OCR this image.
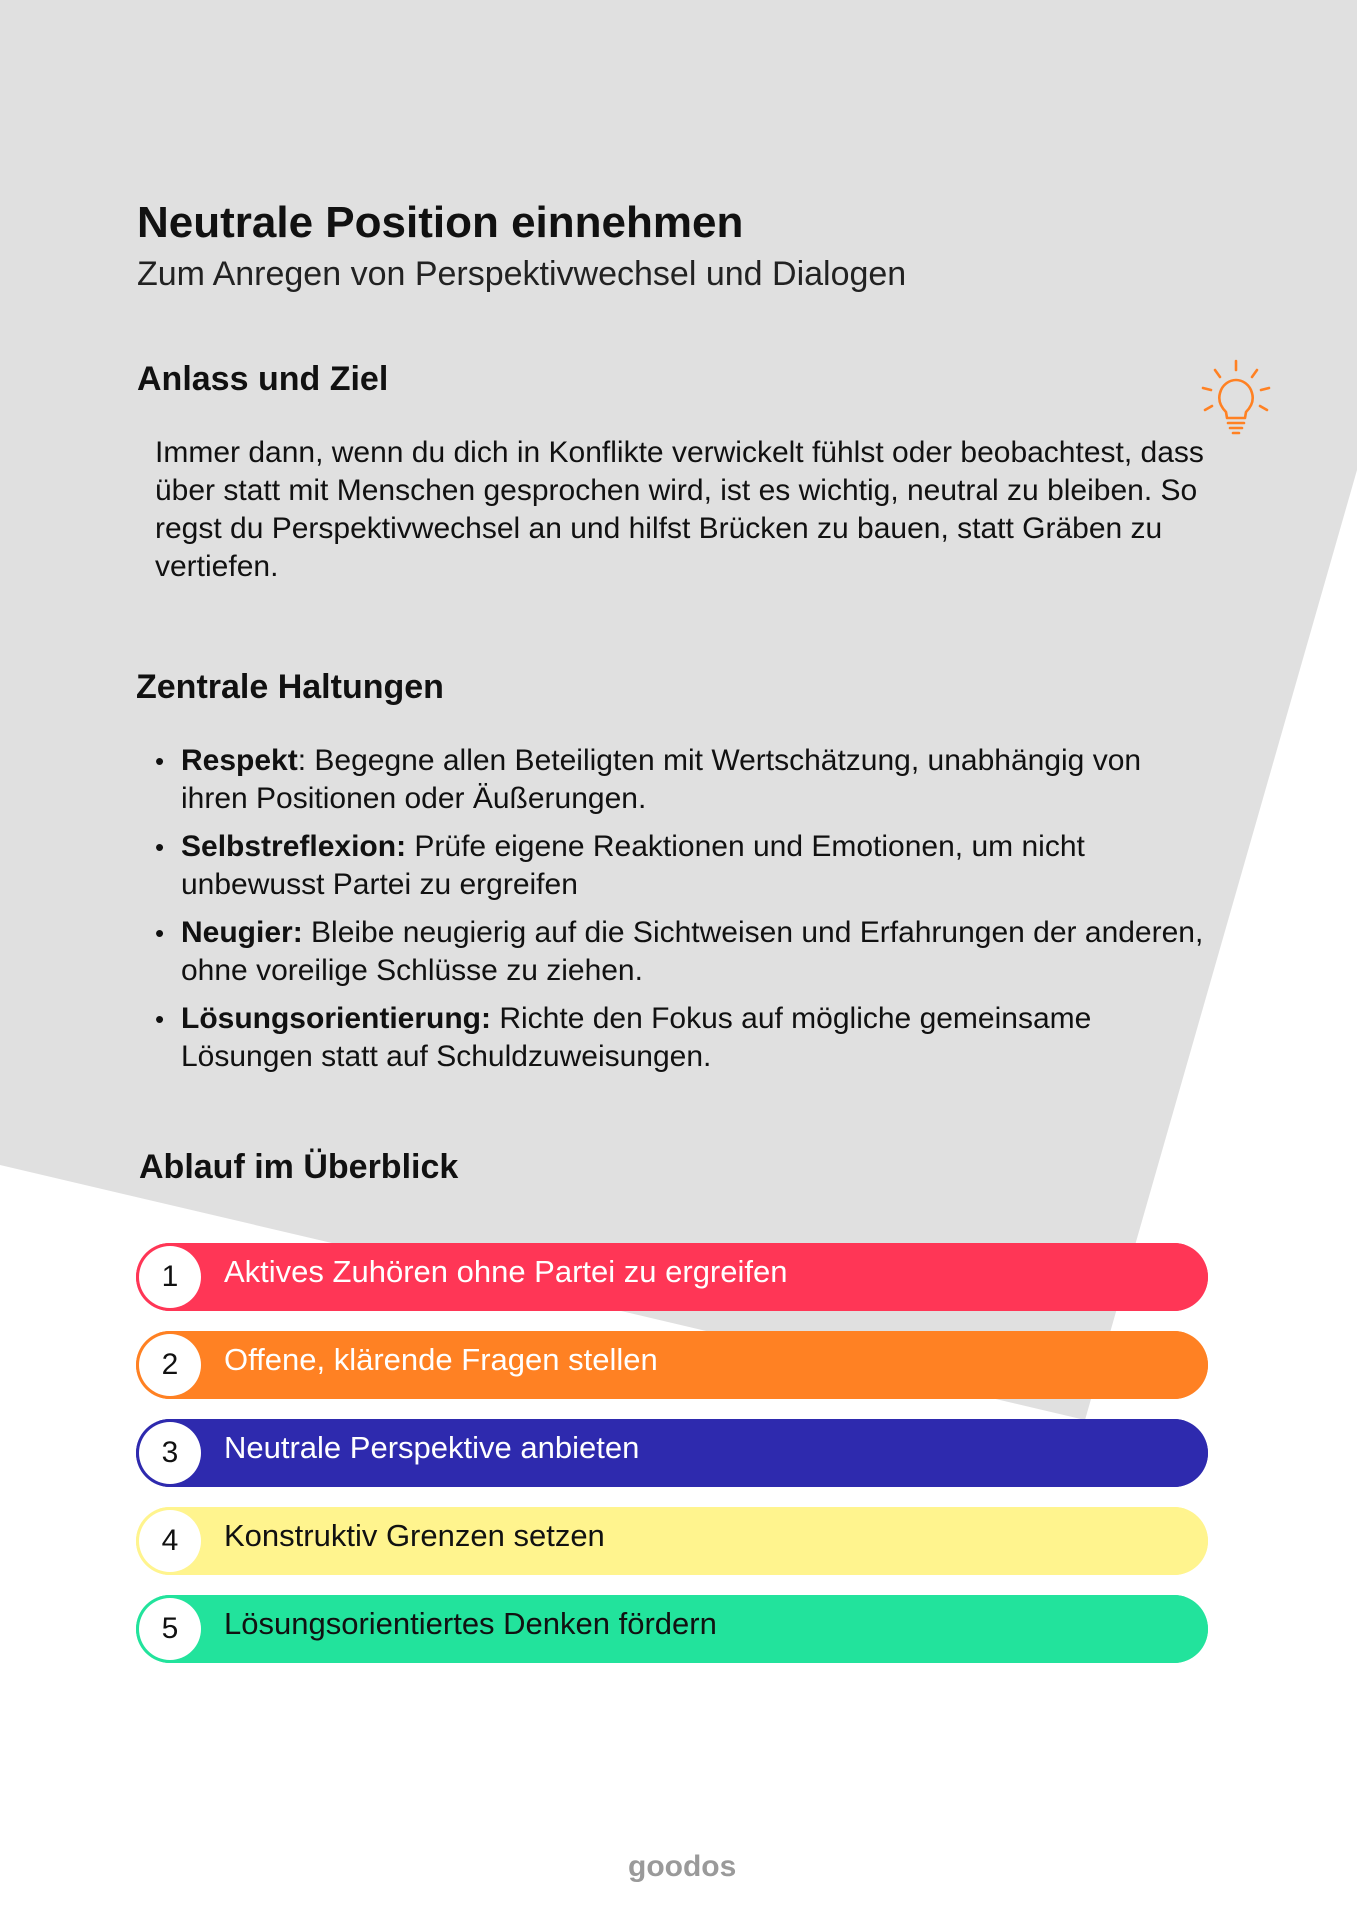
Neutrale Position einnehmen

Zum Anregen von Perspektivwechsel und Dialogen

Anlass und Ziel

Immer dann, wenn du dich in Konflikte verwickelt fühlst oder beobachtest, dass über statt mit Menschen gesprochen wird, ist es wichtig, neutral zu bleiben. So regst du Perspektivwechsel an und hilfst Brücken zu bauen, statt Gräben zu vertiefen.

Zentrale Haltungen
• Respekt: Begegne allen Beteiligten mit Wertschätzung, unabhängig von ihren Positionen oder Äußerungen.
• Selbstreflexion: Prüfe eigene Reaktionen und Emotionen, um nicht unbewusst Partei zu ergreifen
• Neugier: Bleibe neugierig auf die Sichtweisen und Erfahrungen der anderen, ohne voreilige Schlüsse zu ziehen.
• Lösungsorientierung: Richte den Fokus auf mögliche gemeinsame Lösungen statt auf Schuldzuweisungen.
Ablauf im Überblick
1	Aktives Zuhören ohne Partei zu ergreifen
2	Offene, klärende Fragen stellen
3	Neutrale Perspektive anbieten
4	Konstruktiv Grenzen setzen
5	Lösungsorientiertes Denken fördern
goodos
